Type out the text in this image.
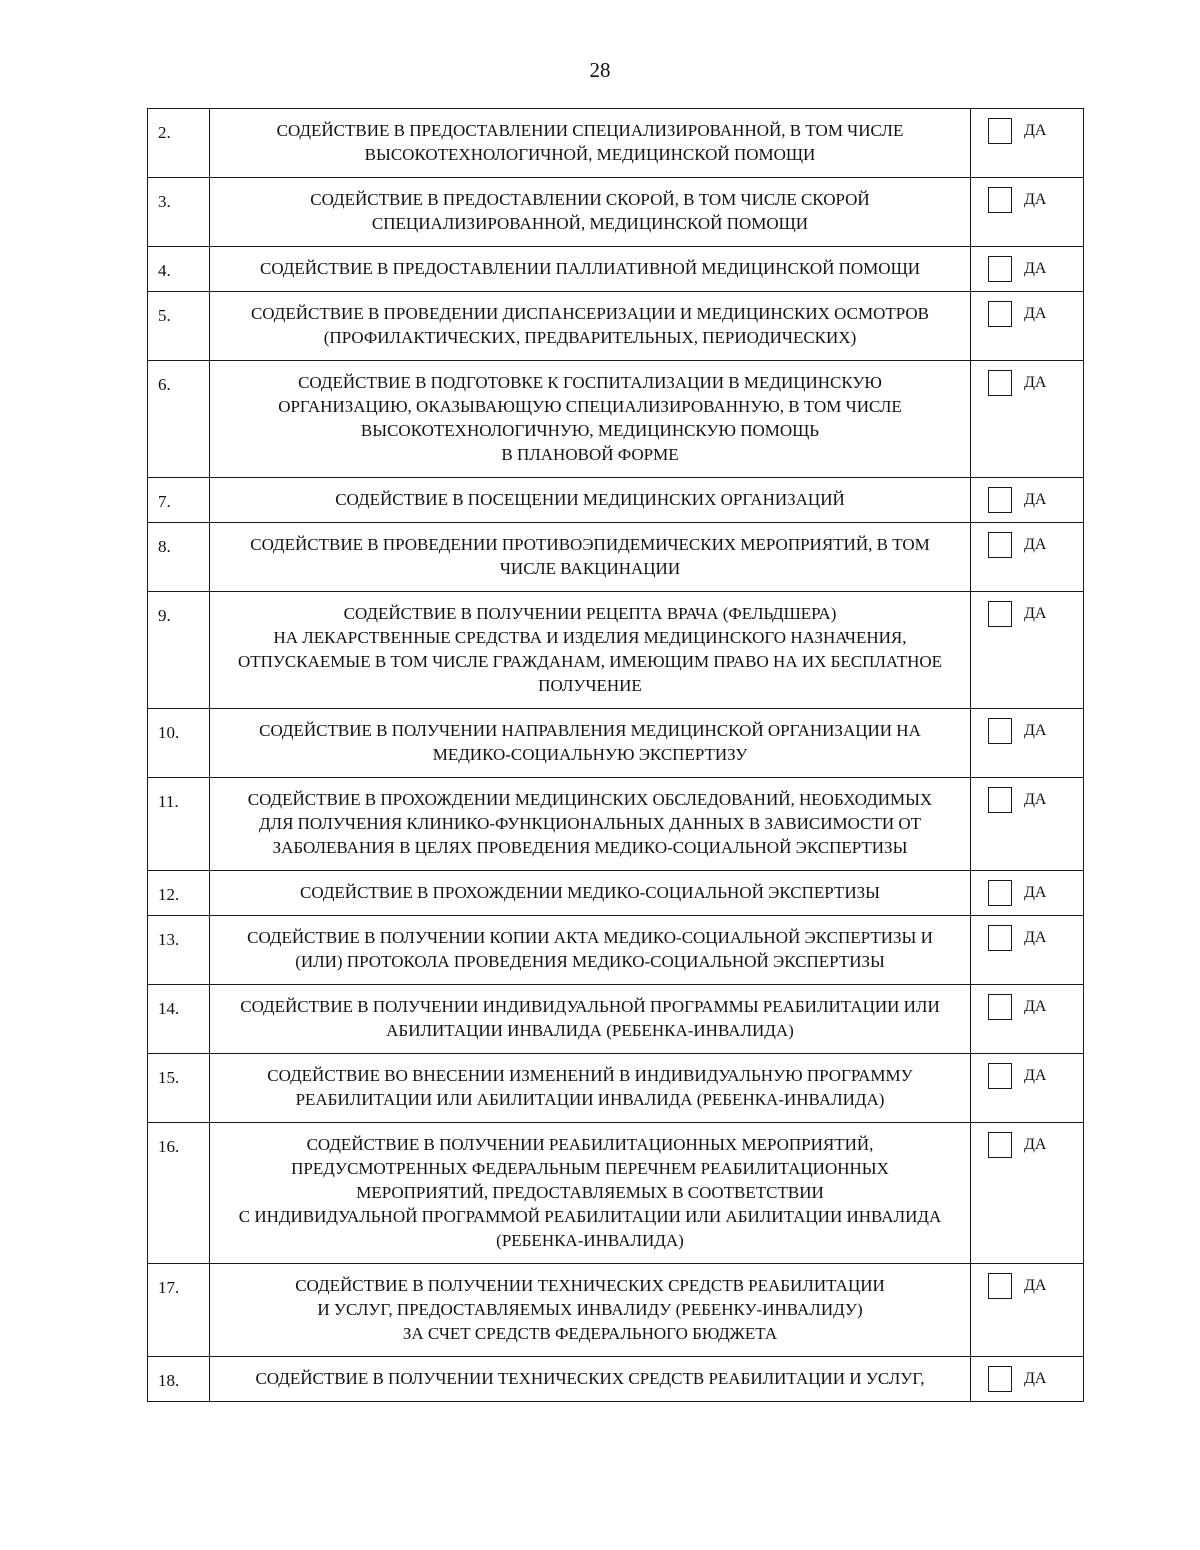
28
2.	СОДЕЙСТВИЕ В ПРЕДОСТАВЛЕНИИ СПЕЦИАЛИЗИРОВАННОЙ, В ТОМ ЧИСЛЕ
ВЫСОКОТЕХНОЛОГИЧНОЙ, МЕДИЦИНСКОЙ ПОМОЩИ	ДА

3.	СОДЕЙСТВИЕ В ПРЕДОСТАВЛЕНИИ СКОРОЙ, В ТОМ ЧИСЛЕ СКОРОЙ
СПЕЦИАЛИЗИРОВАННОЙ, МЕДИЦИНСКОЙ ПОМОЩИ	ДА

4.	СОДЕЙСТВИЕ В ПРЕДОСТАВЛЕНИИ ПАЛЛИАТИВНОЙ МЕДИЦИНСКОЙ ПОМОЩИ	ДА

5.	СОДЕЙСТВИЕ В ПРОВЕДЕНИИ ДИСПАНСЕРИЗАЦИИ И МЕДИЦИНСКИХ ОСМОТРОВ
(ПРОФИЛАКТИЧЕСКИХ, ПРЕДВАРИТЕЛЬНЫХ, ПЕРИОДИЧЕСКИХ)	ДА

6.	СОДЕЙСТВИЕ В ПОДГОТОВКЕ К ГОСПИТАЛИЗАЦИИ В МЕДИЦИНСКУЮ
ОРГАНИЗАЦИЮ, ОКАЗЫВАЮЩУЮ СПЕЦИАЛИЗИРОВАННУЮ, В ТОМ ЧИСЛЕ
ВЫСОКОТЕХНОЛОГИЧНУЮ, МЕДИЦИНСКУЮ ПОМОЩЬ
В ПЛАНОВОЙ ФОРМЕ	ДА

7.	СОДЕЙСТВИЕ В ПОСЕЩЕНИИ МЕДИЦИНСКИХ ОРГАНИЗАЦИЙ	ДА

8.	СОДЕЙСТВИЕ В ПРОВЕДЕНИИ ПРОТИВОЭПИДЕМИЧЕСКИХ МЕРОПРИЯТИЙ, В ТОМ
ЧИСЛЕ ВАКЦИНАЦИИ	ДА

9.	СОДЕЙСТВИЕ В ПОЛУЧЕНИИ РЕЦЕПТА ВРАЧА (ФЕЛЬДШЕРА)
НА ЛЕКАРСТВЕННЫЕ СРЕДСТВА И ИЗДЕЛИЯ МЕДИЦИНСКОГО НАЗНАЧЕНИЯ,
ОТПУСКАЕМЫЕ В ТОМ ЧИСЛЕ ГРАЖДАНАМ, ИМЕЮЩИМ ПРАВО НА ИХ БЕСПЛАТНОЕ
ПОЛУЧЕНИЕ	ДА

10.	СОДЕЙСТВИЕ В ПОЛУЧЕНИИ НАПРАВЛЕНИЯ МЕДИЦИНСКОЙ ОРГАНИЗАЦИИ НА
МЕДИКО-СОЦИАЛЬНУЮ ЭКСПЕРТИЗУ	ДА

11.	СОДЕЙСТВИЕ В ПРОХОЖДЕНИИ МЕДИЦИНСКИХ ОБСЛЕДОВАНИЙ, НЕОБХОДИМЫХ
ДЛЯ ПОЛУЧЕНИЯ КЛИНИКО-ФУНКЦИОНАЛЬНЫХ ДАННЫХ В ЗАВИСИМОСТИ ОТ
ЗАБОЛЕВАНИЯ В ЦЕЛЯХ ПРОВЕДЕНИЯ МЕДИКО-СОЦИАЛЬНОЙ ЭКСПЕРТИЗЫ	ДА

12.	СОДЕЙСТВИЕ В ПРОХОЖДЕНИИ МЕДИКО-СОЦИАЛЬНОЙ ЭКСПЕРТИЗЫ	ДА

13.	СОДЕЙСТВИЕ В ПОЛУЧЕНИИ КОПИИ АКТА МЕДИКО-СОЦИАЛЬНОЙ ЭКСПЕРТИЗЫ И
(ИЛИ) ПРОТОКОЛА ПРОВЕДЕНИЯ МЕДИКО-СОЦИАЛЬНОЙ ЭКСПЕРТИЗЫ	ДА

14.	СОДЕЙСТВИЕ В ПОЛУЧЕНИИ ИНДИВИДУАЛЬНОЙ ПРОГРАММЫ РЕАБИЛИТАЦИИ ИЛИ
АБИЛИТАЦИИ ИНВАЛИДА (РЕБЕНКА-ИНВАЛИДА)	ДА

15.	СОДЕЙСТВИЕ ВО ВНЕСЕНИИ ИЗМЕНЕНИЙ В ИНДИВИДУАЛЬНУЮ ПРОГРАММУ
РЕАБИЛИТАЦИИ ИЛИ АБИЛИТАЦИИ ИНВАЛИДА (РЕБЕНКА-ИНВАЛИДА)	ДА

16.	СОДЕЙСТВИЕ В ПОЛУЧЕНИИ РЕАБИЛИТАЦИОННЫХ МЕРОПРИЯТИЙ,
ПРЕДУСМОТРЕННЫХ ФЕДЕРАЛЬНЫМ ПЕРЕЧНЕМ РЕАБИЛИТАЦИОННЫХ
МЕРОПРИЯТИЙ, ПРЕДОСТАВЛЯЕМЫХ В СООТВЕТСТВИИ
С ИНДИВИДУАЛЬНОЙ ПРОГРАММОЙ РЕАБИЛИТАЦИИ ИЛИ АБИЛИТАЦИИ ИНВАЛИДА
(РЕБЕНКА-ИНВАЛИДА)	ДА

17.	СОДЕЙСТВИЕ В ПОЛУЧЕНИИ ТЕХНИЧЕСКИХ СРЕДСТВ РЕАБИЛИТАЦИИ
И УСЛУГ, ПРЕДОСТАВЛЯЕМЫХ ИНВАЛИДУ (РЕБЕНКУ-ИНВАЛИДУ)
ЗА СЧЕТ СРЕДСТВ ФЕДЕРАЛЬНОГО БЮДЖЕТА	ДА

18.	СОДЕЙСТВИЕ В ПОЛУЧЕНИИ ТЕХНИЧЕСКИХ СРЕДСТВ РЕАБИЛИТАЦИИ И УСЛУГ,	ДА
